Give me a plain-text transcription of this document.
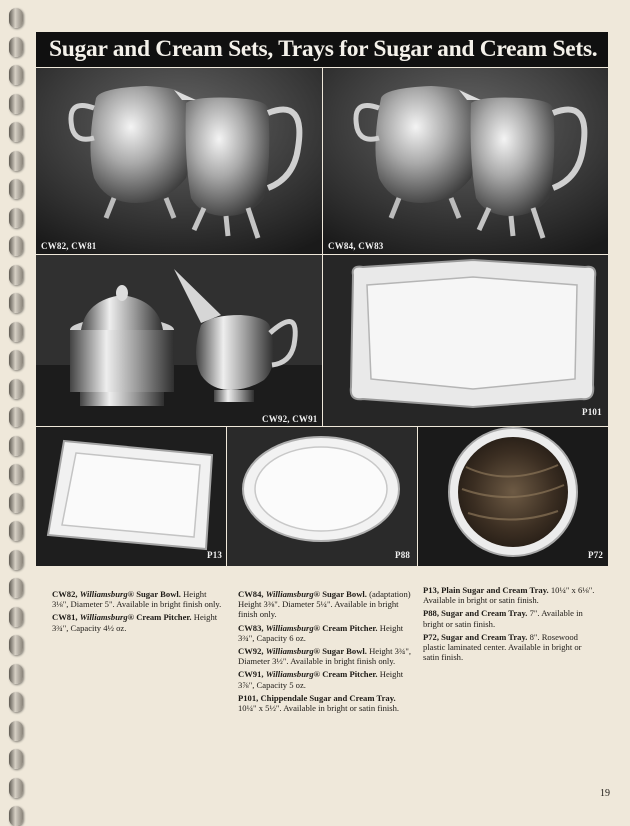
Sugar and Cream Sets, Trays for Sugar and Cream Sets.
CW82, CW81	CW84, CW83
CW92, CW91
P101
P13	P88	P72

CW82, Williamsburg® Sugar Bowl. Height 3⅛", Diameter 5". Available in bright finish only.

CW81, Williamsburg® Cream Pitcher. Height 3¾", Capacity 4½ oz.

CW84, Williamsburg® Sugar Bowl. (adaptation) Height 3⅜". Diameter 5¼". Available in bright finish only.

CW83, Williamsburg® Cream Pitcher. Height 3¾", Capacity 6 oz.

CW92, Williamsburg® Sugar Bowl. Height 3¾", Diameter 3½". Available in bright finish only.

CW91, Williamsburg® Cream Pitcher. Height 3⅞", Capacity 5 oz.

P101, Chippendale Sugar and Cream Tray. 10¼" x 5½". Available in bright or satin finish.

P13, Plain Sugar and Cream Tray. 10¼" x 6⅛". Available in bright or satin finish.

P88, Sugar and Cream Tray. 7". Available in bright or satin finish.

P72, Sugar and Cream Tray. 8". Rosewood plastic laminated center. Available in bright or satin finish.

19
